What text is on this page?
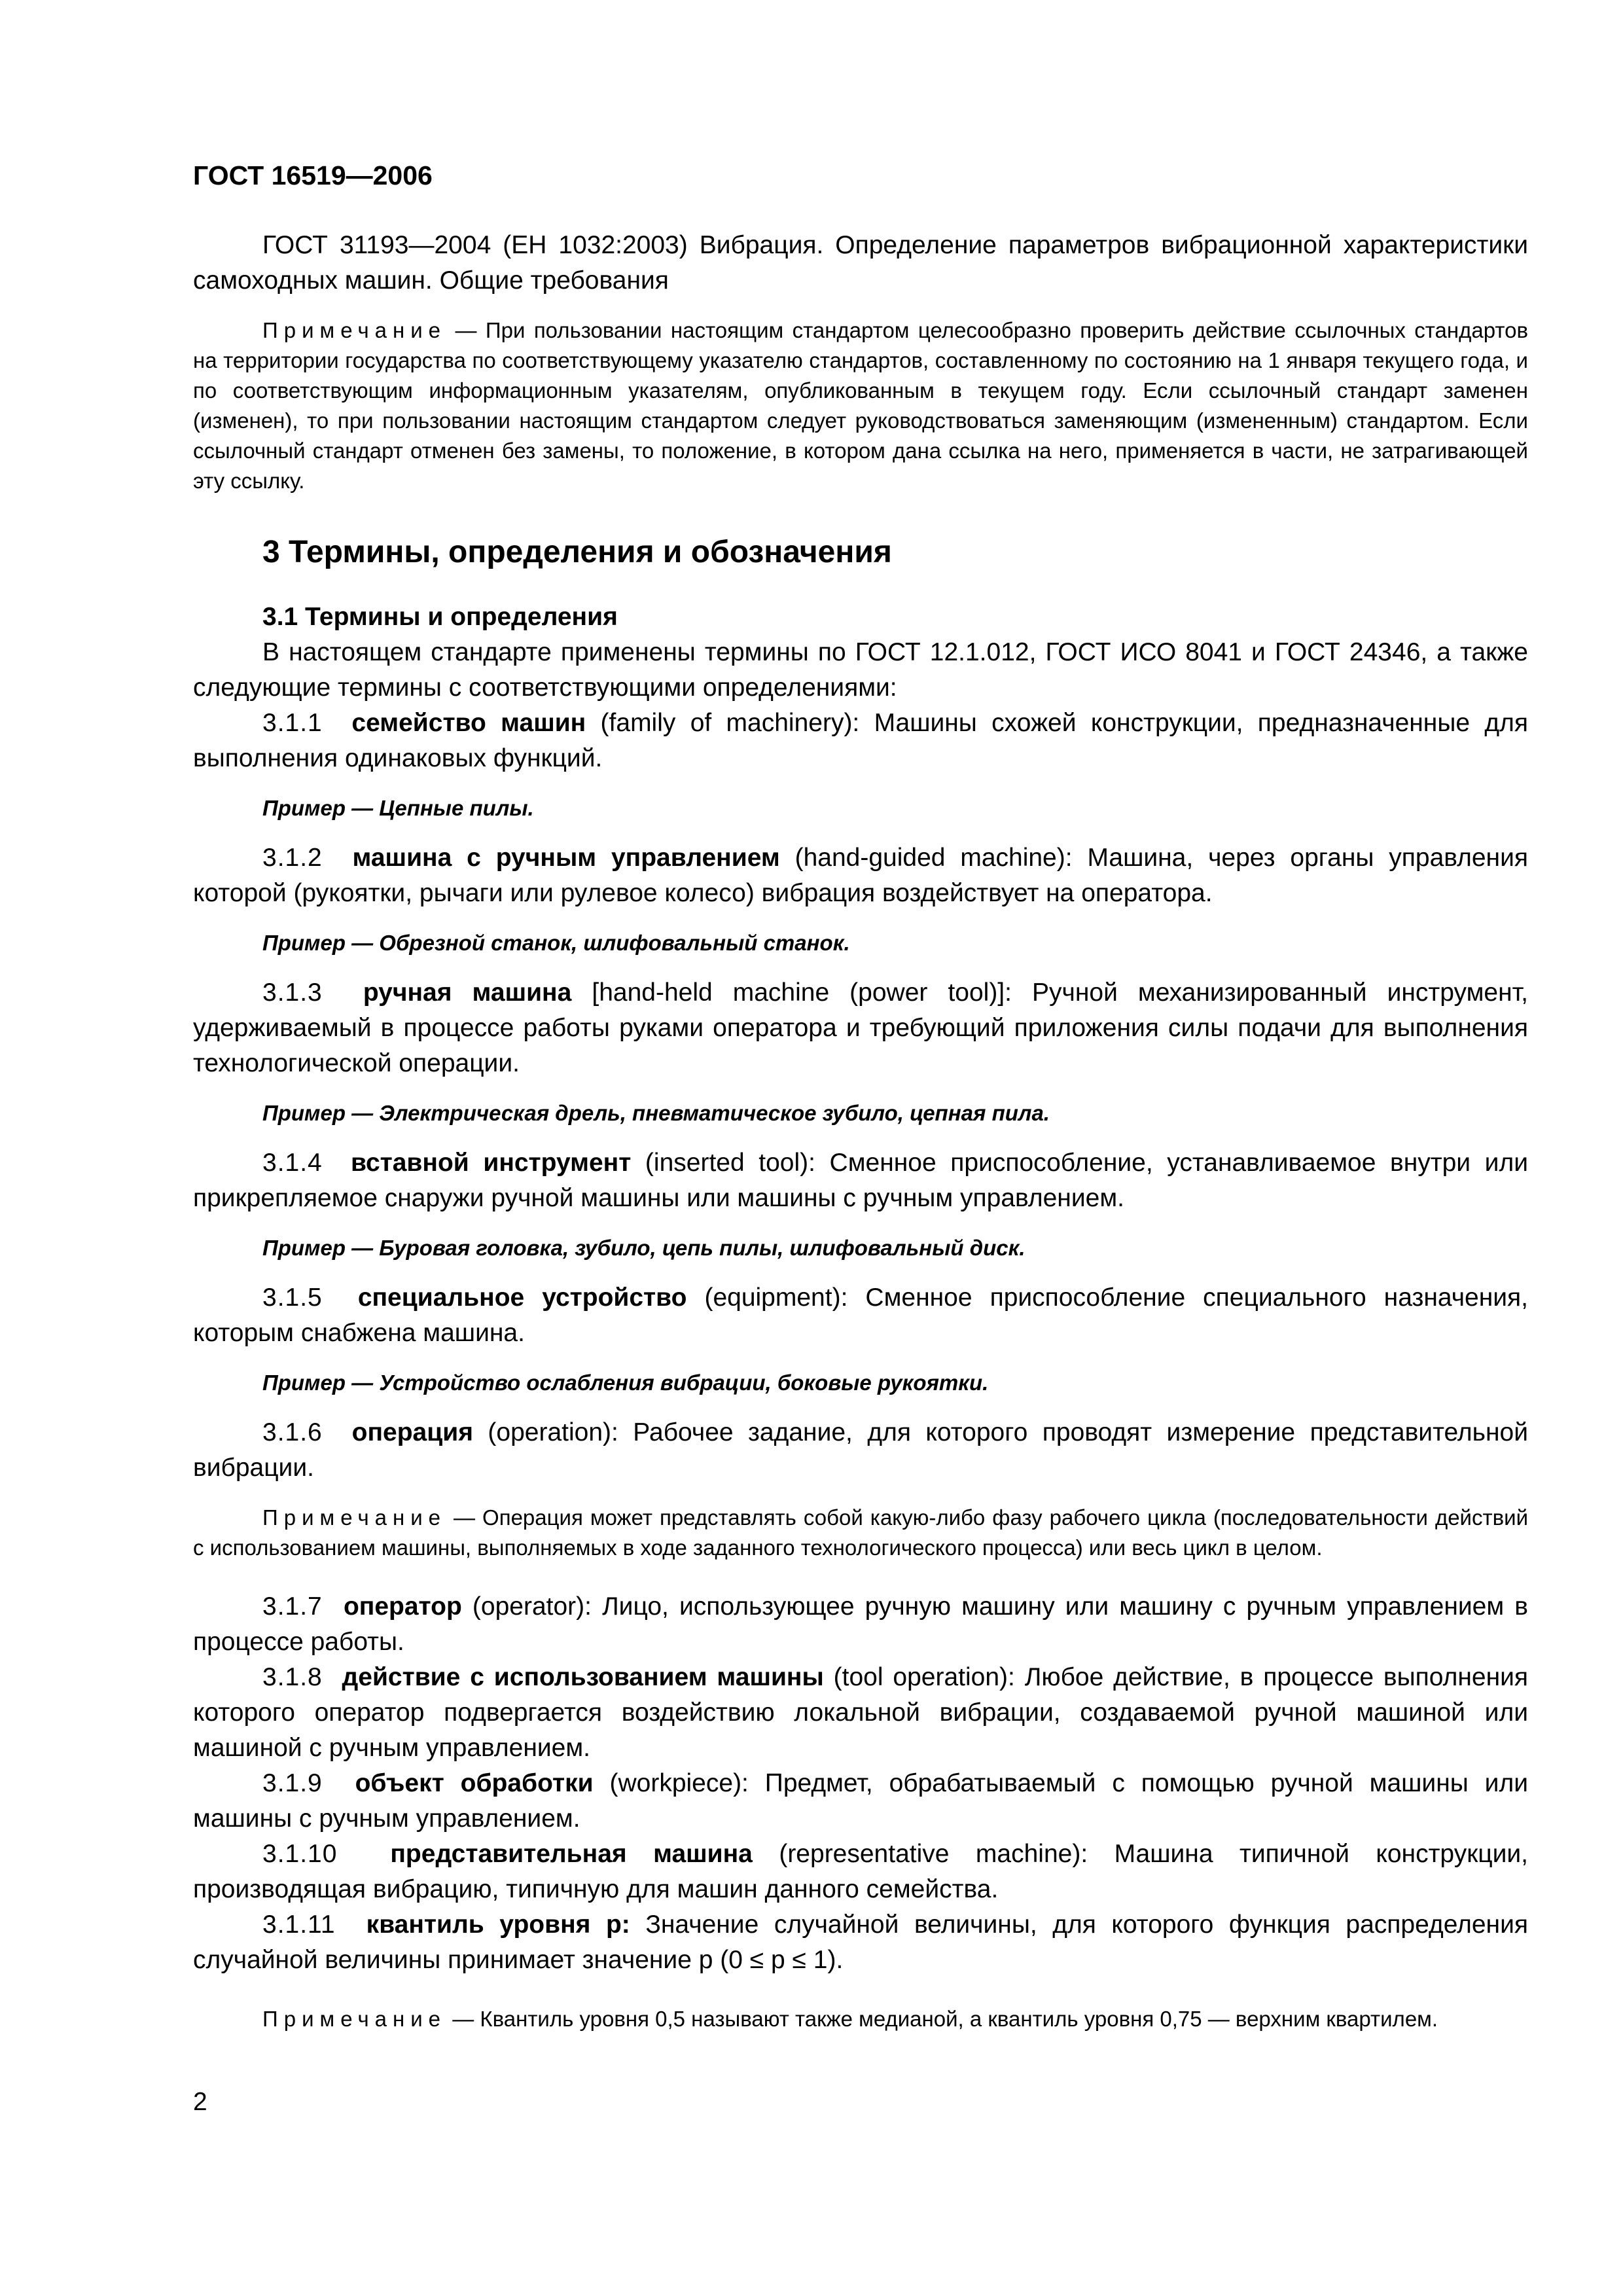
ГОСТ 16519—2006

ГОСТ 31193—2004 (ЕН 1032:2003) Вибрация. Определение параметров вибрационной характеристики самоходных машин. Общие требования

Примечание — При пользовании настоящим стандартом целесообразно проверить действие ссылочных стандартов на территории государства по соответствующему указателю стандартов, составленному по состоянию на 1 января текущего года, и по соответствующим информационным указателям, опубликованным в текущем году. Если ссылочный стандарт заменен (изменен), то при пользовании настоящим стандартом следует руководствоваться заменяющим (измененным) стандартом. Если ссылочный стандарт отменен без замены, то положение, в котором дана ссылка на него, применяется в части, не затрагивающей эту ссылку.

3 Термины, определения и обозначения
3.1 Термины и определения

В настоящем стандарте применены термины по ГОСТ 12.1.012, ГОСТ ИСО 8041 и ГОСТ 24346, а также следующие термины с соответствующими определениями:

3.1.1 семейство машин (family of machinery): Машины схожей конструкции, предназначенные для выполнения одинаковых функций.

Пример — Цепные пилы.

3.1.2 машина с ручным управлением (hand-guided machine): Машина, через органы управления которой (рукоятки, рычаги или рулевое колесо) вибрация воздействует на оператора.

Пример — Обрезной станок, шлифовальный станок.

3.1.3 ручная машина [hand-held machine (power tool)]: Ручной механизированный инструмент, удерживаемый в процессе работы руками оператора и требующий приложения силы подачи для выполнения технологической операции.

Пример — Электрическая дрель, пневматическое зубило, цепная пила.

3.1.4 вставной инструмент (inserted tool): Сменное приспособление, устанавливаемое внутри или прикрепляемое снаружи ручной машины или машины с ручным управлением.

Пример — Буровая головка, зубило, цепь пилы, шлифовальный диск.

3.1.5 специальное устройство (equipment): Сменное приспособление специального назначения, которым снабжена машина.

Пример — Устройство ослабления вибрации, боковые рукоятки.

3.1.6 операция (operation): Рабочее задание, для которого проводят измерение представительной вибрации.

Примечание — Операция может представлять собой какую-либо фазу рабочего цикла (последовательности действий с использованием машины, выполняемых в ходе заданного технологического процесса) или весь цикл в целом.

3.1.7 оператор (operator): Лицо, использующее ручную машину или машину с ручным управлением в процессе работы.

3.1.8 действие с использованием машины (tool operation): Любое действие, в процессе выполнения которого оператор подвергается воздействию локальной вибрации, создаваемой ручной машиной или машиной с ручным управлением.

3.1.9 объект обработки (workpiece): Предмет, обрабатываемый с помощью ручной машины или машины с ручным управлением.

3.1.10 представительная машина (representative machine): Машина типичной конструкции, производящая вибрацию, типичную для машин данного семейства.

3.1.11 квантиль уровня p: Значение случайной величины, для которого функция распределения случайной величины принимает значение p (0 ≤ p ≤ 1).

Примечание — Квантиль уровня 0,5 называют также медианой, а квантиль уровня 0,75 — верхним квартилем.

2
